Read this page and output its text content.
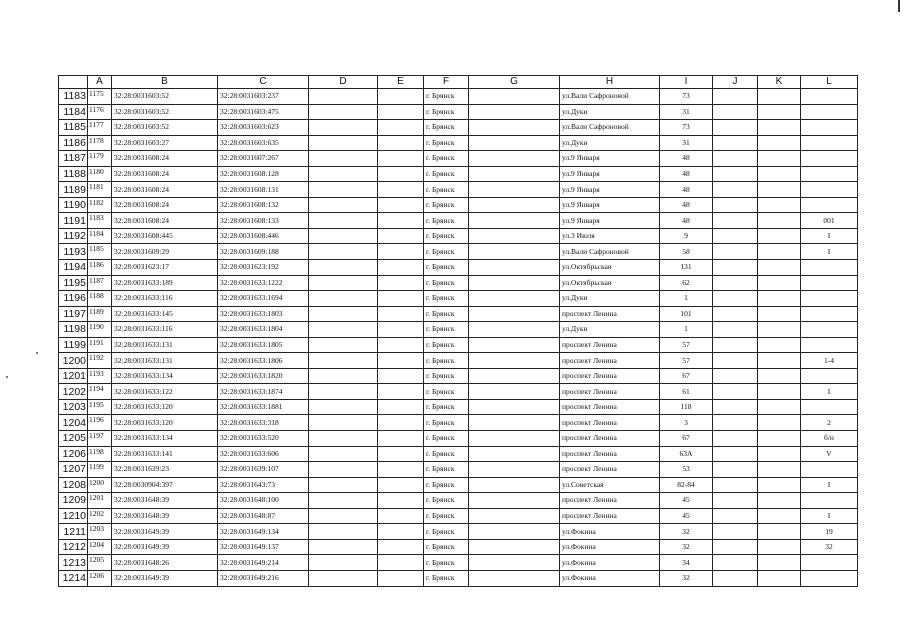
	A	B	C	D	E	F	G	H	I	J	K	L
1183	1175	32:28:0031603:52	32:28:0031603:237			г. Брянск		ул.Вали Сафроновой	73			
1184	1176	32:28:0031603:52	32:28:0031603:475			г. Брянск		ул.Дуки	31			
1185	1177	32:28:0031603:52	32:28:0031603:623			г. Брянск		ул.Вали Сафроновой	73			
1186	1178	32:28:0031603:27	32:28:0031603:635			г. Брянск		ул.Дуки	31			
1187	1179	32:28:0031608:24	32:28:0031607:267			г. Брянск		ул.9 Января	48			
1188	1180	32:28:0031608:24	32:28:0031608:128			г. Брянск		ул.9 Января	48			
1189	1181	32:28:0031608:24	32:28:0031608:131			г. Брянск		ул.9 Января	48			
1190	1182	32:28:0031608:24	32:28:0031608:132			г. Брянск		ул.9 Января	48			
1191	1183	32:28:0031608:24	32:28:0031608:133			г. Брянск		ул.9 Января	48			001
1192	1184	32:28:0031608:445	32:28:0031608:446			г. Брянск		ул.3 Июля	9			I
1193	1185	32:28:0031609:29	32:28:0031609:188			г. Брянск		ул.Вали Сафроновой	58			I
1194	1186	32:28:0031623:17	32:28:0031623:192			г. Брянск		ул.Октябрьская	131			
1195	1187	32:28:0031633:189	32:28:0031633:1222			г. Брянск		ул.Октябрьская	62			
1196	1188	32:28:0031633:116	32:28:0031633:1694			г. Брянск		ул.Дуки	1			
1197	1189	32:28:0031633:145	32:28:0031633:1803			г. Брянск		проспект Ленина	101			
1198	1190	32:28:0031633:116	32:28:0031633:1804			г. Брянск		ул.Дуки	1			
1199	1191	32:28:0031633:131	32:28:0031633:1805			г. Брянск		проспект Ленина	57			
1200	1192	32:28:0031633:131	32:28:0031633:1806			г. Брянск		проспект Ленина	57			1-4
1201	1193	32:28:0031633:134	32:28:0031633:1820			г. Брянск		проспект Ленина	67			
1202	1194	32:28:0031633:122	32:28:0031633:1874			г. Брянск		проспект Ленина	61			I
1203	1195	32:28:0031633:120	32:28:0031633:1881			г. Брянск		проспект Ленина	118			
1204	1196	32:28:0031633:120	32:28:0031633:318			г. Брянск		проспект Ленина	3			2
1205	1197	32:28:0031633:134	32:28:0031633:520			г. Брянск		проспект Ленина	67			б/н
1206	1198	32:28:0031633:141	32:28:0031633:606			г. Брянск		проспект Ленина	63А			V
1207	1199	32:28:0031639:23	32:28:0031639:107			г. Брянск		проспект Ленина	53			
1208	1200	32:28:0030904:397	32:28:0031643:73			г. Брянск		ул.Советская	82-84			I
1209	1201	32:28:0031648:39	32:28:0031648:100			г. Брянск		проспект Ленина	45			
1210	1202	32:28:0031648:39	32:28:0031648:87			г. Брянск		проспект Ленина	45			I
1211	1203	32:28:0031649:39	32:28:0031649:134			г. Брянск		ул.Фокина	32			19
1212	1204	32:28:0031649:39	32:28:0031649:137			г. Брянск		ул.Фокина	32			32
1213	1205	32:28:0031648:26	32:28:0031649:214			г. Брянск		ул.Фокина	34			
1214	1206	32:28:0031649:39	32:28:0031649:216			г. Брянск		ул.Фокина	32			
